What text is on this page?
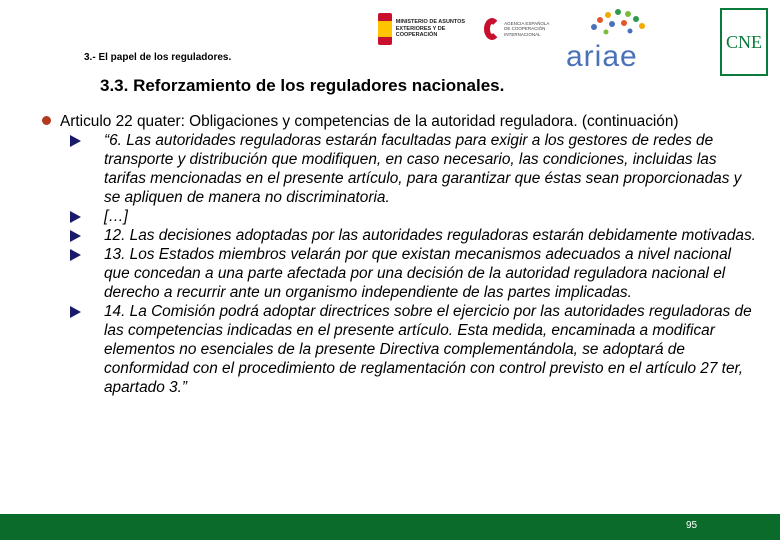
MINISTERIO DE ASUNTOS EXTERIORES Y DE COOPERACIÓN
AGENCIA ESPAÑOLA DE COOPERACIÓN INTERNACIONAL
ariae	CNE
3.- El papel de los reguladores.
3.3. Reforzamiento de los reguladores nacionales.
Articulo 22 quater: Obligaciones y competencias de la autoridad reguladora. (continuación)
“6. Las autoridades reguladoras estarán facultadas para exigir a los gestores de redes de transporte y distribución que modifiquen, en caso necesario, las condiciones, incluidas las tarifas mencionadas en el presente artículo, para garantizar que éstas sean proporcionadas y se apliquen de manera no discriminatoria.
[…]
12. Las decisiones adoptadas por las autoridades reguladoras estarán debidamente motivadas.
13. Los Estados miembros velarán por que existan mecanismos adecuados a nivel nacional que concedan a una parte afectada por una decisión de la autoridad reguladora nacional el derecho a recurrir ante un organismo independiente de las partes implicadas.
14. La Comisión podrá adoptar directrices sobre el ejercicio por las autoridades reguladoras de las competencias indicadas en el presente artículo. Esta medida, encaminada a modificar elementos no esenciales de la presente Directiva complementándola, se adoptará de conformidad con el procedimiento de reglamentación con control previsto en el artículo 27 ter, apartado 3.”
95
